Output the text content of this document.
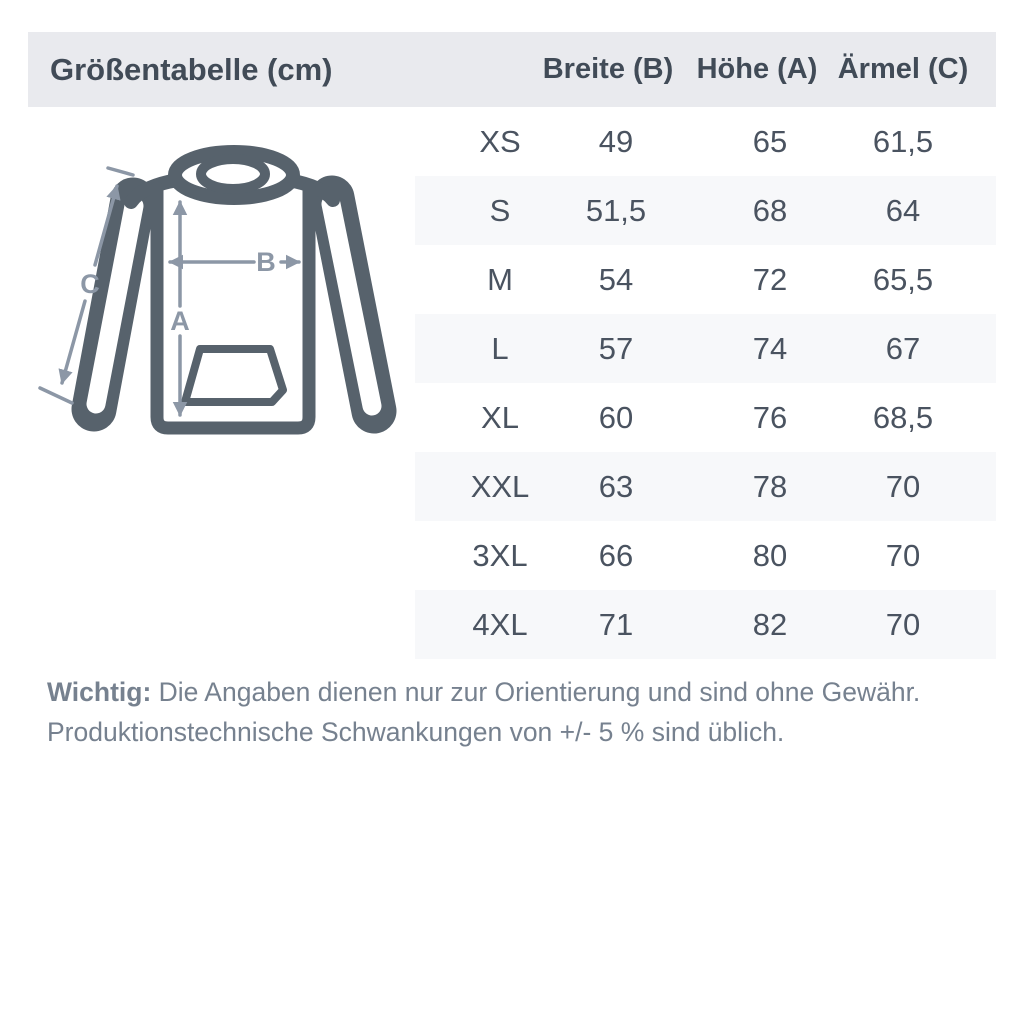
Größentabelle (cm)	Breite (B) Höhe (A) Ärmel (C)
A
B
C
XS	49	65	61,5
S 51,5	68	64
M	54	72	65,5
L	57	74	67
XL	60	76	68,5
XXL 63	78	70
3XL 66	80	70
4XL 71	82	70

Wichtig: Die Angaben dienen nur zur Orientierung und sind ohne Gewähr.
Produktionstechnische Schwankungen von +/- 5 % sind üblich.
